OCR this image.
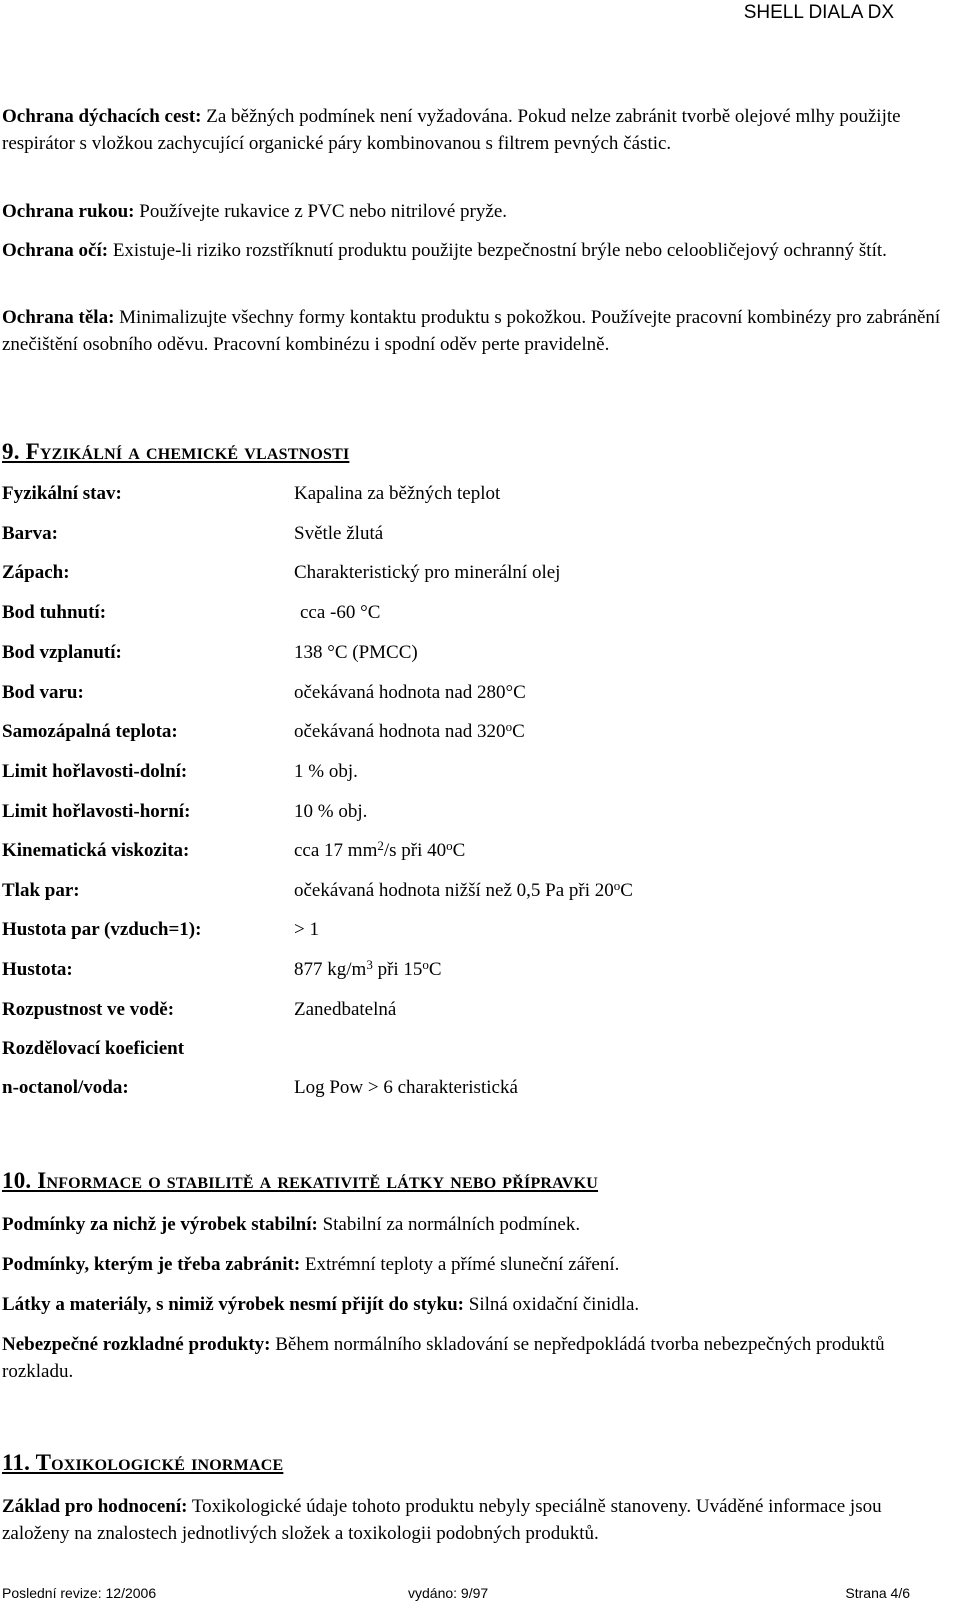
SHELL DIALA DX

Ochrana dýchacích cest: Za běžných podmínek není vyžadována. Pokud nelze zabránit tvorbě olejové mlhy použijte respirátor s vložkou zachycující organické páry kombinovanou s filtrem pevných částic.

Ochrana rukou: Používejte rukavice z PVC nebo nitrilové pryže.

Ochrana očí: Existuje-li riziko rozstříknutí produktu použijte bezpečnostní brýle nebo celoobličejový ochranný štít.

Ochrana těla: Minimalizujte všechny formy kontaktu produktu s pokožkou. Používejte pracovní kombinézy pro zabránění znečištění osobního oděvu. Pracovní kombinézu i spodní oděv perte pravidelně.

9. Fyzikální a chemické vlastnosti
Fyzikální stav:	Kapalina za běžných teplot
Barva:	Světle žlutá
Zápach:	Charakteristický pro minerální olej
Bod tuhnutí:	cca -60 °C
Bod vzplanutí:	138 °C (PMCC)
Bod varu:	očekávaná hodnota nad 280°C
Samozápalná teplota:	očekávaná hodnota nad 320$^o$C
Limit hořlavosti-dolní:	1 % obj.
Limit hořlavosti-horní:	10 % obj.
Kinematická viskozita:	cca 17 $mm^2/s$ při 40$^o$C
Tlak par:	očekávaná hodnota nižší než 0,5 Pa při 20$^o$C
Hustota par (vzduch=1):	> 1
Hustota:	877 $kg/m^3$ při 15$^o$C
Rozpustnost ve vodě:	Zanedbatelná
Rozdělovací koeficient
n-octanol/voda:	Log Pow > 6 charakteristická
10. Informace o stabilitě a rekativitě látky nebo přípravku

Podmínky za nichž je výrobek stabilní: Stabilní za normálních podmínek.

Podmínky, kterým je třeba zabránit: Extrémní teploty a přímé sluneční záření.

Látky a materiály, s nimiž výrobek nesmí přijít do styku: Silná oxidační činidla.

Nebezpečné rozkladné produkty: Během normálního skladování se nepředpokládá tvorba nebezpečných produktů rozkladu.

11. Toxikologické inormace

Základ pro hodnocení: Toxikologické údaje tohoto produktu nebyly speciálně stanoveny. Uváděné informace jsou založeny na znalostech jednotlivých složek a toxikologii podobných produktů.

Poslední revize: 12/2006	vydáno: 9/97	Strana 4/6
